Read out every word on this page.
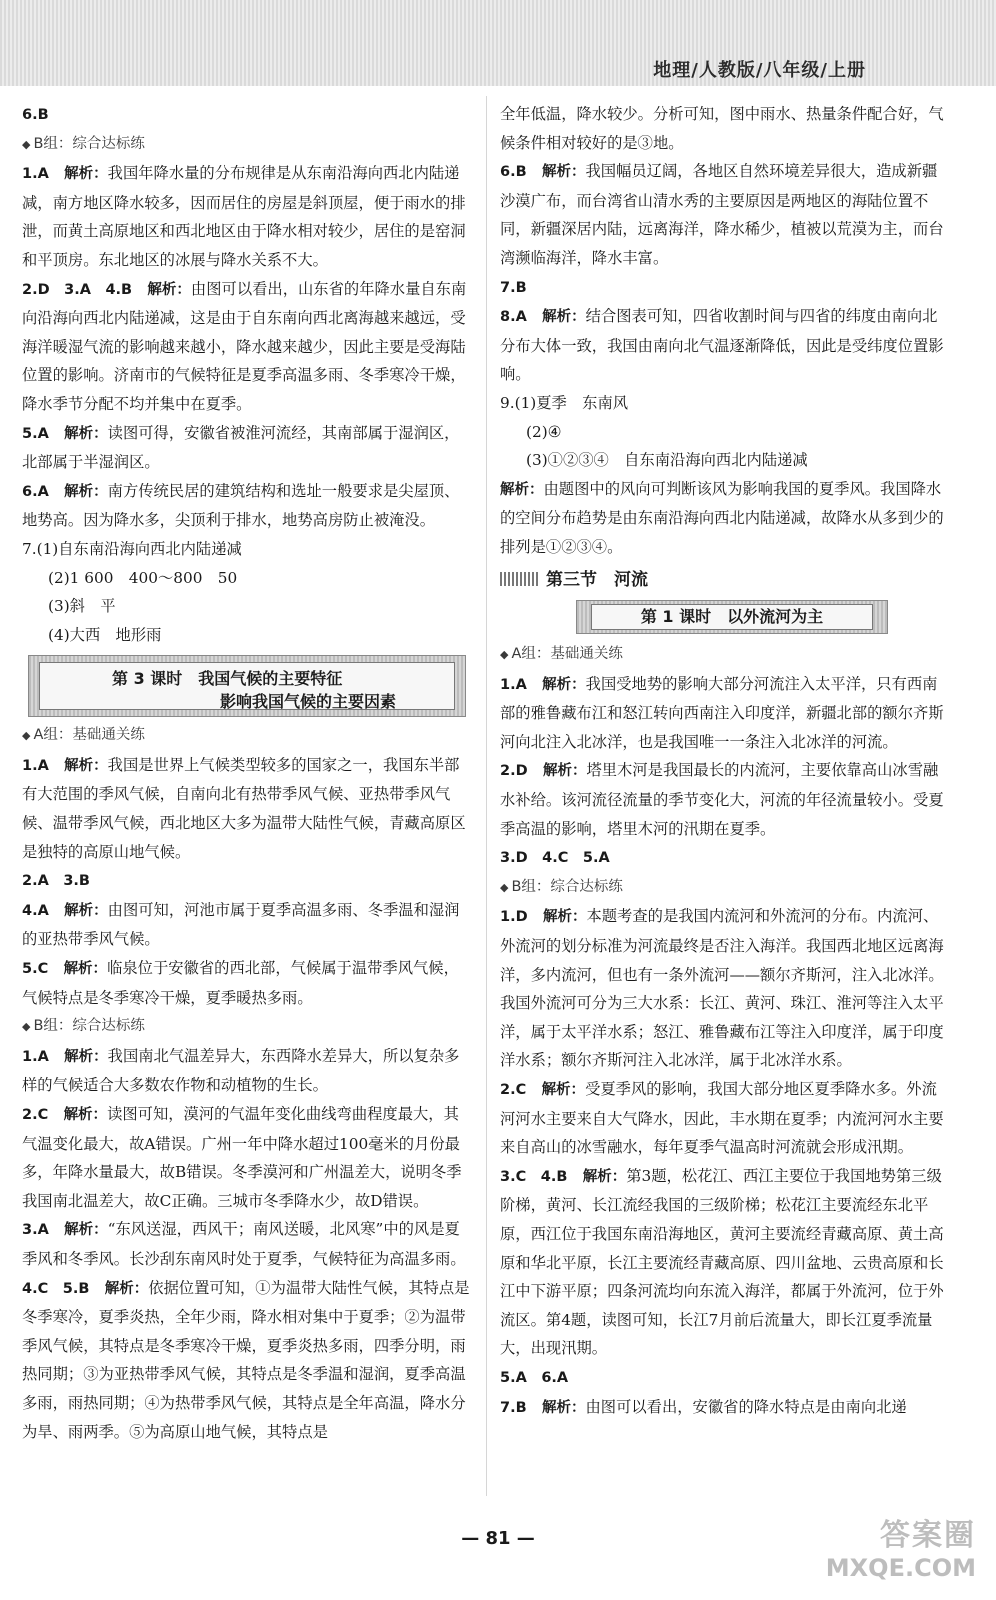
地理/人教版/八年级/上册

6.B

◆ B组：综合达标练

1.A　 解析：我国年降水量的分布规律是从东南沿海向西北内陆递减，南方地区降水较多，因而居住的房屋是斜顶屋，便于雨水的排泄，而黄土高原地区和西北地区由于降水相对较少，居住的是窑洞和平顶房。东北地区的冰展与降水关系不大。

2.D　3.A　4.B　 解析：由图可以看出，山东省的年降水量自东南向沿海向西北内陆递减，这是由于自东南向西北离海越来越远，受海洋暖湿气流的影响越来越小，降水越来越少，因此主要是受海陆位置的影响。济南市的气候特征是夏季高温多雨、冬季寒冷干燥，降水季节分配不均并集中在夏季。

5.A　 解析：读图可得，安徽省被淮河流经，其南部属于湿润区，北部属于半湿润区。

6.A　 解析：南方传统民居的建筑结构和选址一般要求是尖屋顶、地势高。因为降水多，尖顶利于排水，地势高房防止被淹没。

7.(1)自东南沿海向西北内陆递减

(2)1 600　400～800　50

(3)斜　平

(4)大西　地形雨

第 3 课时　我国气候的主要特征
影响我国气候的主要因素

◆ A组：基础通关练

1.A　 解析：我国是世界上气候类型较多的国家之一，我国东半部有大范围的季风气候，自南向北有热带季风气候、亚热带季风气候、温带季风气候，西北地区大多为温带大陆性气候，青藏高原区是独特的高原山地气候。

2.A　3.B

4.A　 解析：由图可知，河池市属于夏季高温多雨、冬季温和湿润的亚热带季风气候。

5.C　 解析：临泉位于安徽省的西北部，气候属于温带季风气候，气候特点是冬季寒冷干燥，夏季暖热多雨。

◆ B组：综合达标练

1.A　 解析：我国南北气温差异大，东西降水差异大，所以复杂多样的气候适合大多数农作物和动植物的生长。

2.C　 解析：读图可知，漠河的气温年变化曲线弯曲程度最大，其气温变化最大，故A错误。广州一年中降水超过100毫米的月份最多，年降水量最大，故B错误。冬季漠河和广州温差大，说明冬季我国南北温差大，故C正确。三城市冬季降水少，故D错误。

3.A　 解析：“东风送湿，西风干；南风送暖，北风寒”中的风是夏季风和冬季风。长沙刮东南风时处于夏季，气候特征为高温多雨。

4.C　5.B　 解析：依据位置可知，①为温带大陆性气候，其特点是冬季寒冷，夏季炎热，全年少雨，降水相对集中于夏季；②为温带季风气候，其特点是冬季寒冷干燥，夏季炎热多雨，四季分明，雨热同期；③为亚热带季风气候，其特点是冬季温和湿润，夏季高温多雨，雨热同期；④为热带季风气候，其特点是全年高温，降水分为旱、雨两季。⑤为高原山地气候，其特点是

全年低温，降水较少。分析可知，图中雨水、热量条件配合好，气候条件相对较好的是③地。

6.B　 解析：我国幅员辽阔，各地区自然环境差异很大，造成新疆沙漠广布，而台湾省山清水秀的主要原因是两地区的海陆位置不同，新疆深居内陆，远离海洋，降水稀少，植被以荒漠为主，而台湾濒临海洋，降水丰富。

7.B

8.A　 解析：结合图表可知，四省收割时间与四省的纬度由南向北分布大体一致，我国由南向北气温逐渐降低，因此是受纬度位置影响。

9.(1)夏季　东南风

(2)④

(3)①②③④　自东南沿海向西北内陆递减

解析：由题图中的风向可判断该风为影响我国的夏季风。我国降水的空间分布趋势是由东南沿海向西北内陆递减，故降水从多到少的排列是①②③④。

第三节　河流
第 1 课时　以外流河为主

◆ A组：基础通关练

1.A　 解析：我国受地势的影响大部分河流注入太平洋，只有西南部的雅鲁藏布江和怒江转向西南注入印度洋，新疆北部的额尔齐斯河向北注入北冰洋，也是我国唯一一条注入北冰洋的河流。

2.D　 解析：塔里木河是我国最长的内流河，主要依靠高山冰雪融水补给。该河流径流量的季节变化大，河流的年径流量较小。受夏季高温的影响，塔里木河的汛期在夏季。

3.D　4.C　5.A

◆ B组：综合达标练

1.D　 解析：本题考查的是我国内流河和外流河的分布。内流河、外流河的划分标准为河流最终是否注入海洋。我国西北地区远离海洋，多内流河，但也有一条外流河——额尔齐斯河，注入北冰洋。我国外流河可分为三大水系：长江、黄河、珠江、淮河等注入太平洋，属于太平洋水系；怒江、雅鲁藏布江等注入印度洋，属于印度洋水系；额尔齐斯河注入北冰洋，属于北冰洋水系。

2.C　 解析：受夏季风的影响，我国大部分地区夏季降水多。外流河河水主要来自大气降水，因此，丰水期在夏季；内流河河水主要来自高山的冰雪融水，每年夏季气温高时河流就会形成汛期。

3.C　4.B　 解析：第3题，松花江、西江主要位于我国地势第三级阶梯，黄河、长江流经我国的三级阶梯；松花江主要流经东北平原，西江位于我国东南沿海地区，黄河主要流经青藏高原、黄土高原和华北平原，长江主要流经青藏高原、四川盆地、云贵高原和长江中下游平原；四条河流均向东流入海洋，都属于外流河，位于外流区。第4题，读图可知，长江7月前后流量大，即长江夏季流量大，出现汛期。

5.A　6.A

7.B　 解析：由图可以看出，安徽省的降水特点是由南向北递

— 81 —	答案圈
MXQE.COM
